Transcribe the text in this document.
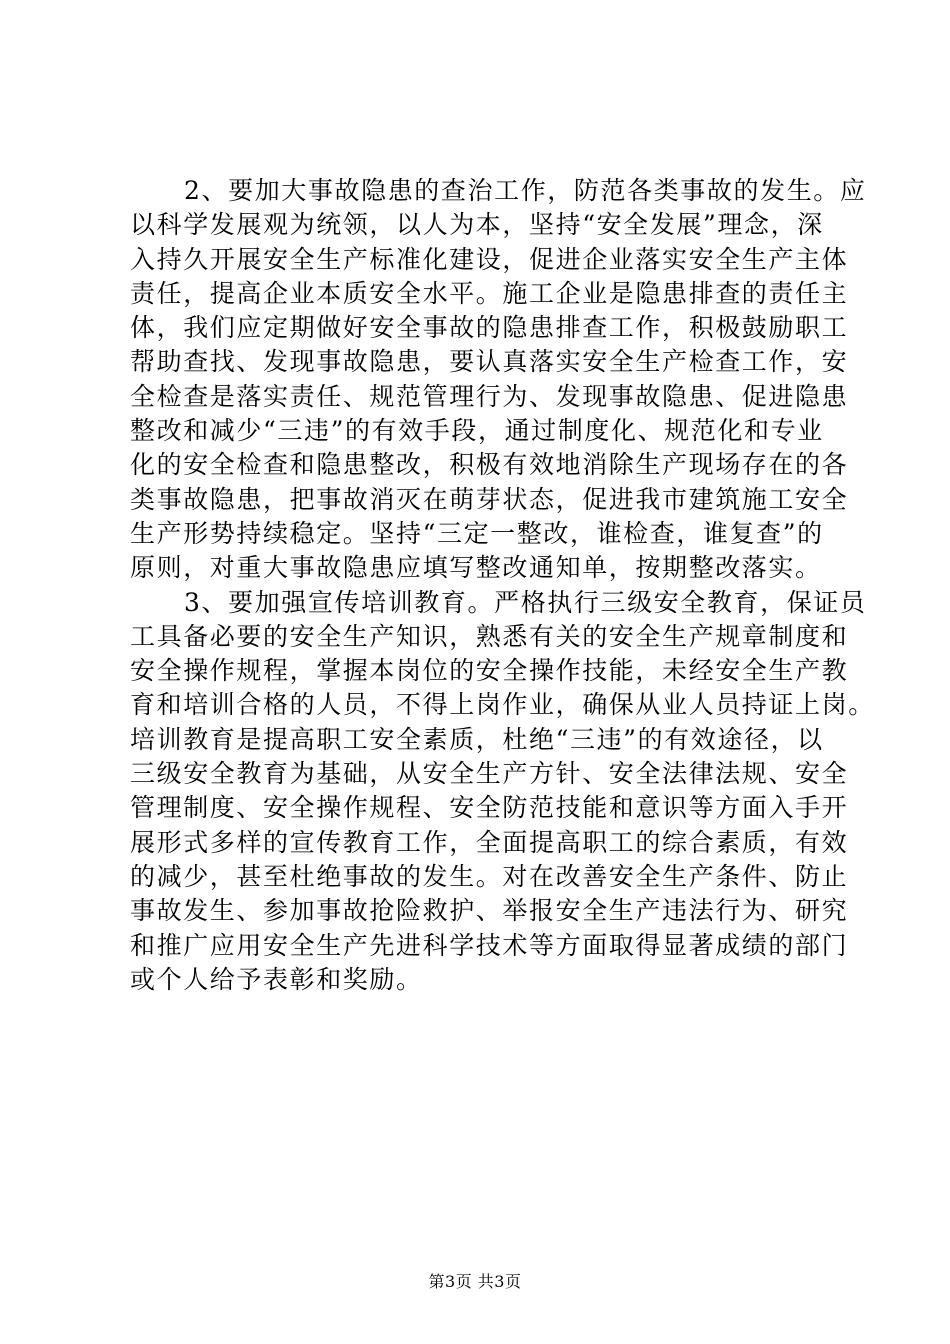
2、要加大事故隐患的查治工作，防范各类事故的发生。应
以科学发展观为统领，以人为本，坚持“安全发展”理念，深
入持久开展安全生产标准化建设，促进企业落实安全生产主体
责任，提高企业本质安全水平。施工企业是隐患排查的责任主
体，我们应定期做好安全事故的隐患排查工作，积极鼓励职工
帮助查找、发现事故隐患，要认真落实安全生产检查工作，安
全检查是落实责任、规范管理行为、发现事故隐患、促进隐患
整改和减少“三违”的有效手段，通过制度化、规范化和专业
化的安全检查和隐患整改，积极有效地消除生产现场存在的各
类事故隐患，把事故消灭在萌芽状态，促进我市建筑施工安全
生产形势持续稳定。坚持“三定一整改，谁检查，谁复查”的
原则，对重大事故隐患应填写整改通知单，按期整改落实。

3、要加强宣传培训教育。严格执行三级安全教育，保证员
工具备必要的安全生产知识，熟悉有关的安全生产规章制度和
安全操作规程，掌握本岗位的安全操作技能，未经安全生产教
育和培训合格的人员，不得上岗作业，确保从业人员持证上岗。
培训教育是提高职工安全素质，杜绝“三违”的有效途径，以
三级安全教育为基础，从安全生产方针、安全法律法规、安全
管理制度、安全操作规程、安全防范技能和意识等方面入手开
展形式多样的宣传教育工作，全面提高职工的综合素质，有效
的减少，甚至杜绝事故的发生。对在改善安全生产条件、防止
事故发生、参加事故抢险救护、举报安全生产违法行为、研究
和推广应用安全生产先进科学技术等方面取得显著成绩的部门
或个人给予表彰和奖励。

第3页 共3页
